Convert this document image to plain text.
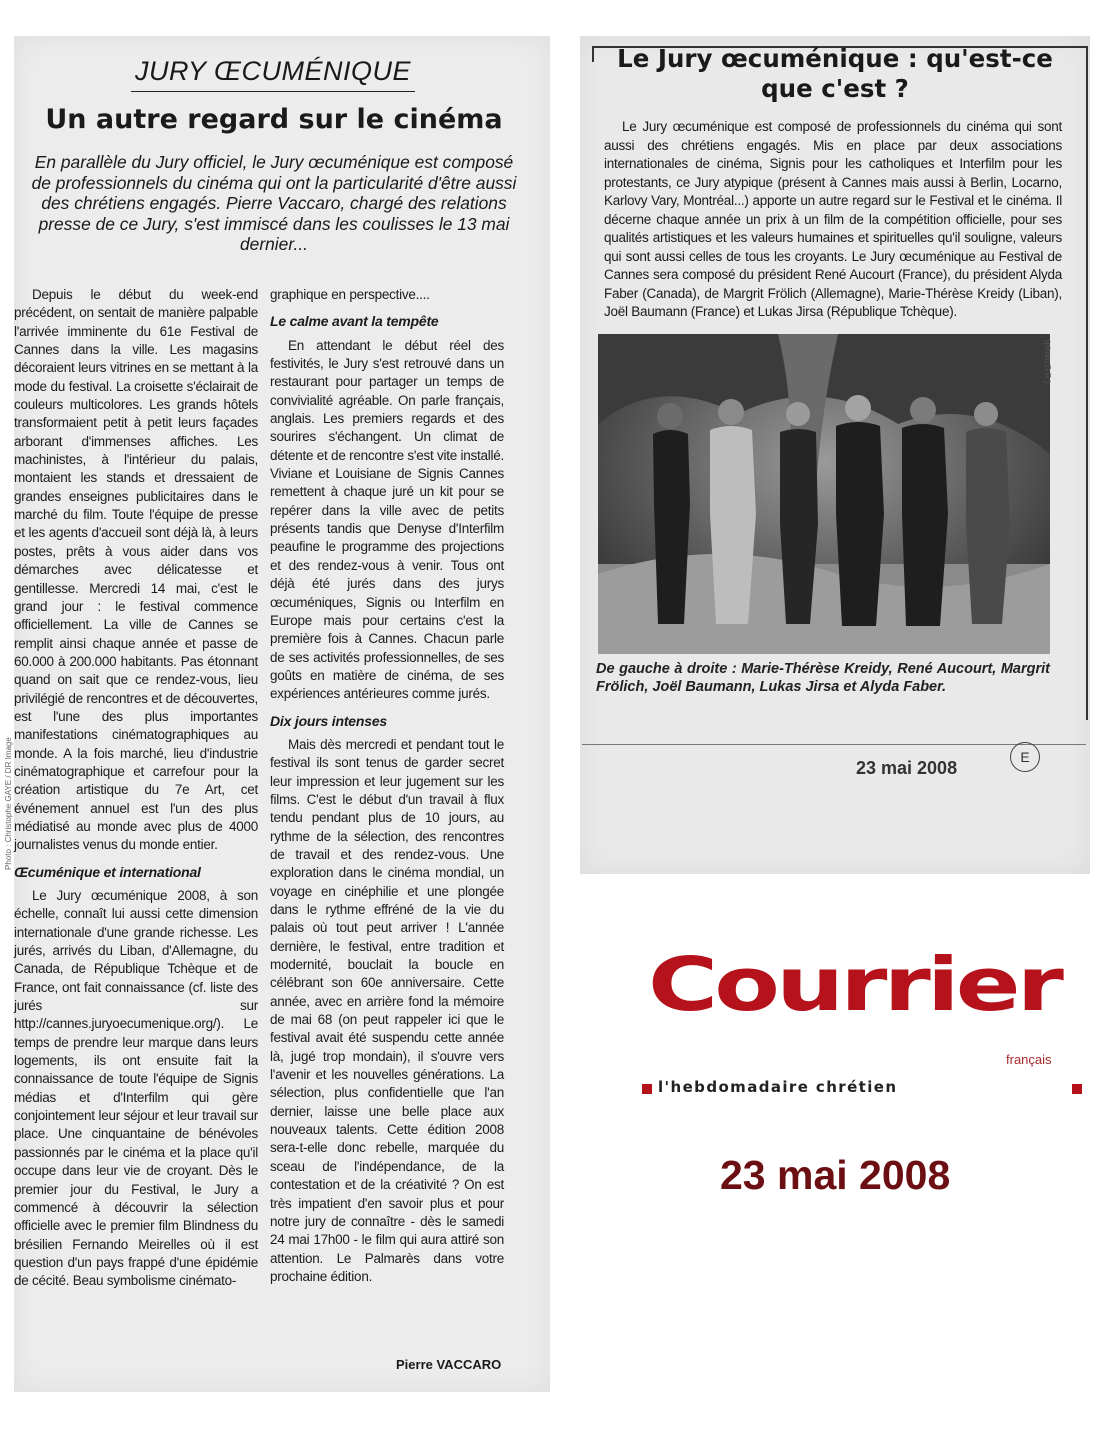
JURY ŒCUMÉNIQUE
Un autre regard sur le cinéma
En parallèle du Jury officiel, le Jury œcuménique est composé de professionnels du cinéma qui ont la particularité d'être aussi des chrétiens engagés. Pierre Vaccaro, chargé des relations presse de ce Jury, s'est immiscé dans les coulisses le 13 mai dernier...

Depuis le début du week-end précédent, on sentait de manière palpable l'arrivée imminente du 61e Festival de Cannes dans la ville. Les magasins décoraient leurs vitrines en se mettant à la mode du festival. La croisette s'éclairait de couleurs multicolores. Les grands hôtels transformaient petit à petit leurs façades arborant d'immenses affiches. Les machinistes, à l'intérieur du palais, montaient les stands et dressaient de grandes enseignes publicitaires dans le marché du film. Toute l'équipe de presse et les agents d'accueil sont déjà là, à leurs postes, prêts à vous aider dans vos démarches avec délicatesse et gentillesse. Mercredi 14 mai, c'est le grand jour : le festival commence officiellement. La ville de Cannes se remplit ainsi chaque année et passe de 60.000 à 200.000 habitants. Pas étonnant quand on sait que ce rendez-vous, lieu privilégié de rencontres et de découvertes, est l'une des plus importantes manifestations cinématographiques au monde. A la fois marché, lieu d'industrie cinématographique et carrefour pour la création artistique du 7e Art, cet événement annuel est l'un des plus médiatisé au monde avec plus de 4000 journalistes venus du monde entier.

Œcuménique et international

Le Jury œcuménique 2008, à son échelle, connaît lui aussi cette dimension internationale d'une grande richesse. Les jurés, arrivés du Liban, d'Allemagne, du Canada, de République Tchèque et de France, ont fait connaissance (cf. liste des jurés sur http://cannes.juryoecumenique.org/). Le temps de prendre leur marque dans leurs logements, ils ont ensuite fait la connaissance de toute l'équipe de Signis médias et d'Interfilm qui gère conjointement leur séjour et leur travail sur place. Une cinquantaine de bénévoles passionnés par le cinéma et la place qu'il occupe dans leur vie de croyant. Dès le premier jour du Festival, le Jury a commencé à découvrir la sélection officielle avec le premier film Blindness du brésilien Fernando Meirelles où il est question d'un pays frappé d'une épidémie de cécité. Beau symbolisme cinémato-

graphique en perspective....

Le calme avant la tempête

En attendant le début réel des festivités, le Jury s'est retrouvé dans un restaurant pour partager un temps de convivialité agréable. On parle français, anglais. Les premiers regards et des sourires s'échangent. Un climat de détente et de rencontre s'est vite installé. Viviane et Louisiane de Signis Cannes remettent à chaque juré un kit pour se repérer dans la ville avec de petits présents tandis que Denyse d'Interfilm peaufine le programme des projections et des rendez-vous à venir. Tous ont déjà été jurés dans des jurys œcuméniques, Signis ou Interfilm en Europe mais pour certains c'est la première fois à Cannes. Chacun parle de ses activités professionnelles, de ses goûts en matière de cinéma, de ses expériences antérieures comme jurés.

Dix jours intenses

Mais dès mercredi et pendant tout le festival ils sont tenus de garder secret leur impression et leur jugement sur les films. C'est le début d'un travail à flux tendu pendant plus de 10 jours, au rythme de la sélection, des rencontres de travail et des rendez-vous. Une exploration dans le cinéma mondial, un voyage en cinéphilie et une plongée dans le rythme effréné de la vie du palais où tout peut arriver ! L'année dernière, le festival, entre tradition et modernité, bouclait la boucle en célébrant son 60e anniversaire. Cette année, avec en arrière fond la mémoire de mai 68 (on peut rappeler ici que le festival avait été suspendu cette année là, jugé trop mondain), il s'ouvre vers l'avenir et les nouvelles générations. La sélection, plus confidentielle que l'an dernier, laisse une belle place aux nouveaux talents. Cette édition 2008 sera-t-elle donc rebelle, marquée du sceau de l'indépendance, de la contestation et de la créativité ? On est très impatient d'en savoir plus et pour notre jury de connaître - dès le samedi 24 mai 17h00 - le film qui aura attiré son attention. Le Palmarès dans votre prochaine édition.

Pierre VACCARO
Photo : Christophe GAYE / DR Image
Le Jury œcuménique : qu'est-ce que c'est ?
Le Jury œcuménique est composé de professionnels du cinéma qui sont aussi des chrétiens engagés. Mis en place par deux associations internationales de cinéma, Signis pour les catholiques et Interfilm pour les protestants, ce Jury atypique (présent à Cannes mais aussi à Berlin, Locarno, Karlovy Vary, Montréal...) apporte un autre regard sur le Festival et le cinéma. Il décerne chaque année un prix à un film de la compétition officielle, pour ses qualités artistiques et les valeurs humaines et spirituelles qu'il souligne, valeurs qui sont aussi celles de tous les croyants. Le Jury œcuménique au Festival de Cannes sera composé du président René Aucourt (France), du président Alyda Faber (Canada), de Margrit Frölich (Allemagne), Marie-Thérèse Kreidy (Liban), Joël Baumann (France) et Lukas Jirsa (République Tchèque).
(photo D.R.)
De gauche à droite : Marie-Thérèse Kreidy, René Aucourt, Margrit Frölich, Joël Baumann, Lukas Jirsa et Alyda Faber.
23 mai 2008
E
Courrier
français
l'hebdomadaire chrétien
23 mai 2008
